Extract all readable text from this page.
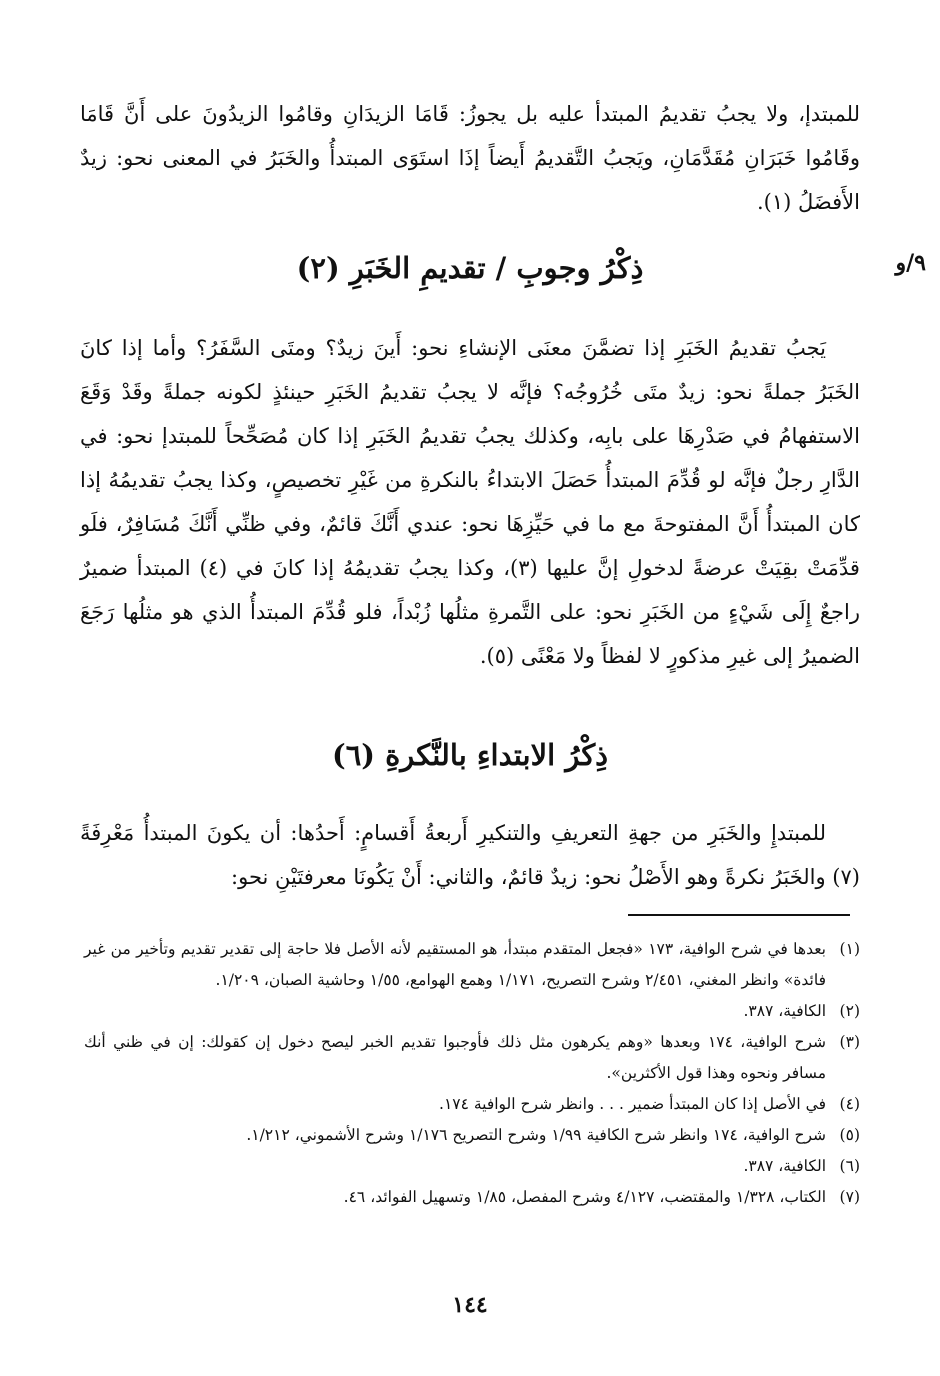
٩/و

للمبتدإ، ولا يجبُ تقديمُ المبتدأ عليه بل يجوزُ: قَامَا الزيدَانِ وقامُوا الزيدُونَ على أَنَّ قَامَا وقَامُوا خَبَرَانِ مُقَدَّمَانِ، ويَجبُ التَّقديمُ أَيضاً إذَا استَوَى المبتدأُ والخَبَرُ في المعنى نحو: زيدٌ الأَفضَلُ (١).

ذِكْرُ وجوبِ / تقديمِ الخَبَرِ (٢)

يَجبُ تقديمُ الخَبَرِ إذا تضمَّنَ معنَى الإنشاءِ نحو: أَينَ زيدٌ؟ ومتَى السَّفَرُ؟ وأما إذا كانَ الخَبَرُ جملةً نحو: زيدٌ متَى خُرُوجُه؟ فإنَّه لا يجبُ تقديمُ الخَبَرِ حينئذٍ لكونه جملةً وقَدْ وَقَعَ الاستفهامُ في صَدْرِهَا على بابِه، وكذلك يجبُ تقديمُ الخَبَرِ إذا كان مُصَحِّحاً للمبتدإ نحو: في الدَّارِ رجلٌ فإنَّه لو قُدِّمَ المبتدأُ حَصَلَ الابتداءُ بالنكرةِ من غَيْرِ تخصيصٍ، وكذا يجبُ تقديمُهُ إذا كان المبتدأُ أَنَّ المفتوحةَ مع ما في حَيِّزِهَا نحو: عندي أَنَّكَ قائمٌ، وفي ظنِّي أَنَّكَ مُسَافِرٌ، فلَو قدِّمَتْ بقِيَتْ عرضةً لدخولِ إنَّ عليها (٣)، وكذا يجبُ تقديمُهُ إذا كانَ في (٤) المبتدأ ضميرٌ راجعٌ إِلَى شَيْءٍ من الخَبَرِ نحو: على التَّمرةِ مثلُها زُبْداً، فلو قُدِّمَ المبتدأُ الذي هو مثلُها رَجَعَ الضميرُ إلى غيرِ مذكورٍ لا لفظاً ولا مَعْنًى (٥).

ذِكْرُ الابتداءِ بالنَّكرةِ (٦)

للمبتدإِ والخَبَرِ من جهةِ التعريفِ والتنكيرِ أَربعةُ أَقسامٍ: أَحدُها: أن يكونَ المبتدأُ مَعْرِفَةً (٧) والخَبَرُ نكرةً وهو الأَصْلُ نحو: زيدٌ قائمٌ، والثاني: أَنْ يَكُونَا معرفتَيْنِ نحو:

(١)
بعدها في شرح الوافية، ١٧٣ «فجعل المتقدم مبتدأ، هو المستقيم لأنه الأصل فلا حاجة إلى تقدير تقديم وتأخير من غير فائدة» وانظر المغني، ٢/٤٥١ وشرح التصريح، ١/١٧١ وهمع الهوامع، ١/٥٥ وحاشية الصبان، ١/٢٠٩.
(٢)
الكافية، ٣٨٧.
(٣)
شرح الوافية، ١٧٤ وبعدها «وهم يكرهون مثل ذلك فأوجبوا تقديم الخبر ليصح دخول إن كقولك: إن في ظني أنك مسافر ونحوه وهذا قول الأكثرين».
(٤)
في الأصل إذا كان المبتدأ ضمير . . . وانظر شرح الوافية ١٧٤.
(٥)
شرح الوافية، ١٧٤ وانظر شرح الكافية ١/٩٩ وشرح التصريح ١/١٧٦ وشرح الأشموني، ١/٢١٢.
(٦)
الكافية، ٣٨٧.
(٧)
الكتاب، ١/٣٢٨ والمقتضب، ٤/١٢٧ وشرح المفصل، ١/٨٥ وتسهيل الفوائد، ٤٦.
١٤٤
